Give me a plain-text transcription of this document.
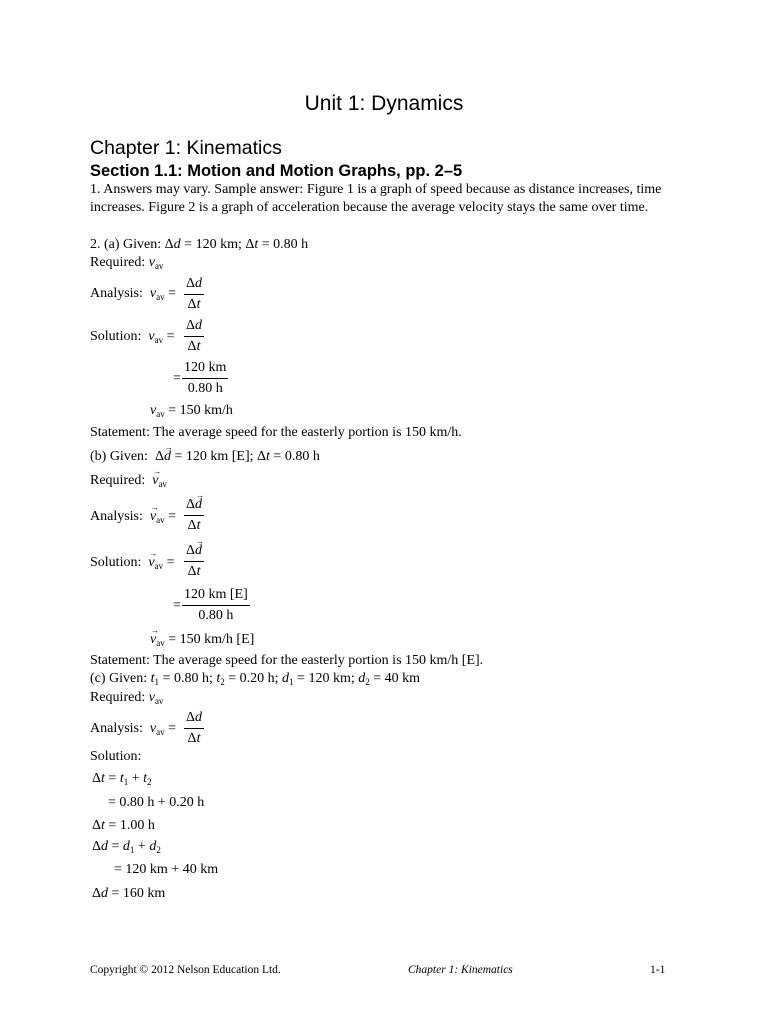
Unit 1: Dynamics
Chapter 1: Kinematics
Section 1.1: Motion and Motion Graphs, pp. 2–5
1. Answers may vary. Sample answer: Figure 1 is a graph of speed because as distance increases, time increases. Figure 2 is a graph of acceleration because the average velocity stays the same over time.
2. (a) Given: Δd = 120 km; Δt = 0.80 h
Required: $v_{av}$
Analysis: $v_{av} = \frac{\Delta d}{\Delta t}$
Solution: $v_{av} = \frac{\Delta d}{\Delta t}$
= $\frac{120 km}{0.80 h}$
$v_{av} = 150$ km/h
Statement: The average speed for the easterly portion is 150 km/h.
(b) Given:  Δ→ d = 120 km [E]; Δt = 0.80 h
Required: → $v_{av}$
Analysis: → $v_{av} = \frac{\Delta\to d}{\Delta t}$
Solution: → $v_{av} = \frac{\Delta\to d}{\Delta t}$
= $\frac{120 km [E]}{0.80 h}$
→ $v_{av} = 150$ km/h [E]
Statement: The average speed for the easterly portion is 150 km/h [E].
(c) Given: $t_1 = 0.80$ h; $t_2 = 0.20$ h; $d_1 = 120$ km; $d_2 = 40$ km
Required: $v_{av}$
Analysis: $v_{av} = \frac{\Delta d}{\Delta t}$
Solution:
$\Delta t = t_1 + t_2$
= 0.80 h + 0.20 h
Δt = 1.00 h
$\Delta d = d_1 + d_2$
= 120 km + 40 km
Δd = 160 km
Copyright © 2012 Nelson Education Ltd.	Chapter 1: Kinematics	1-1
